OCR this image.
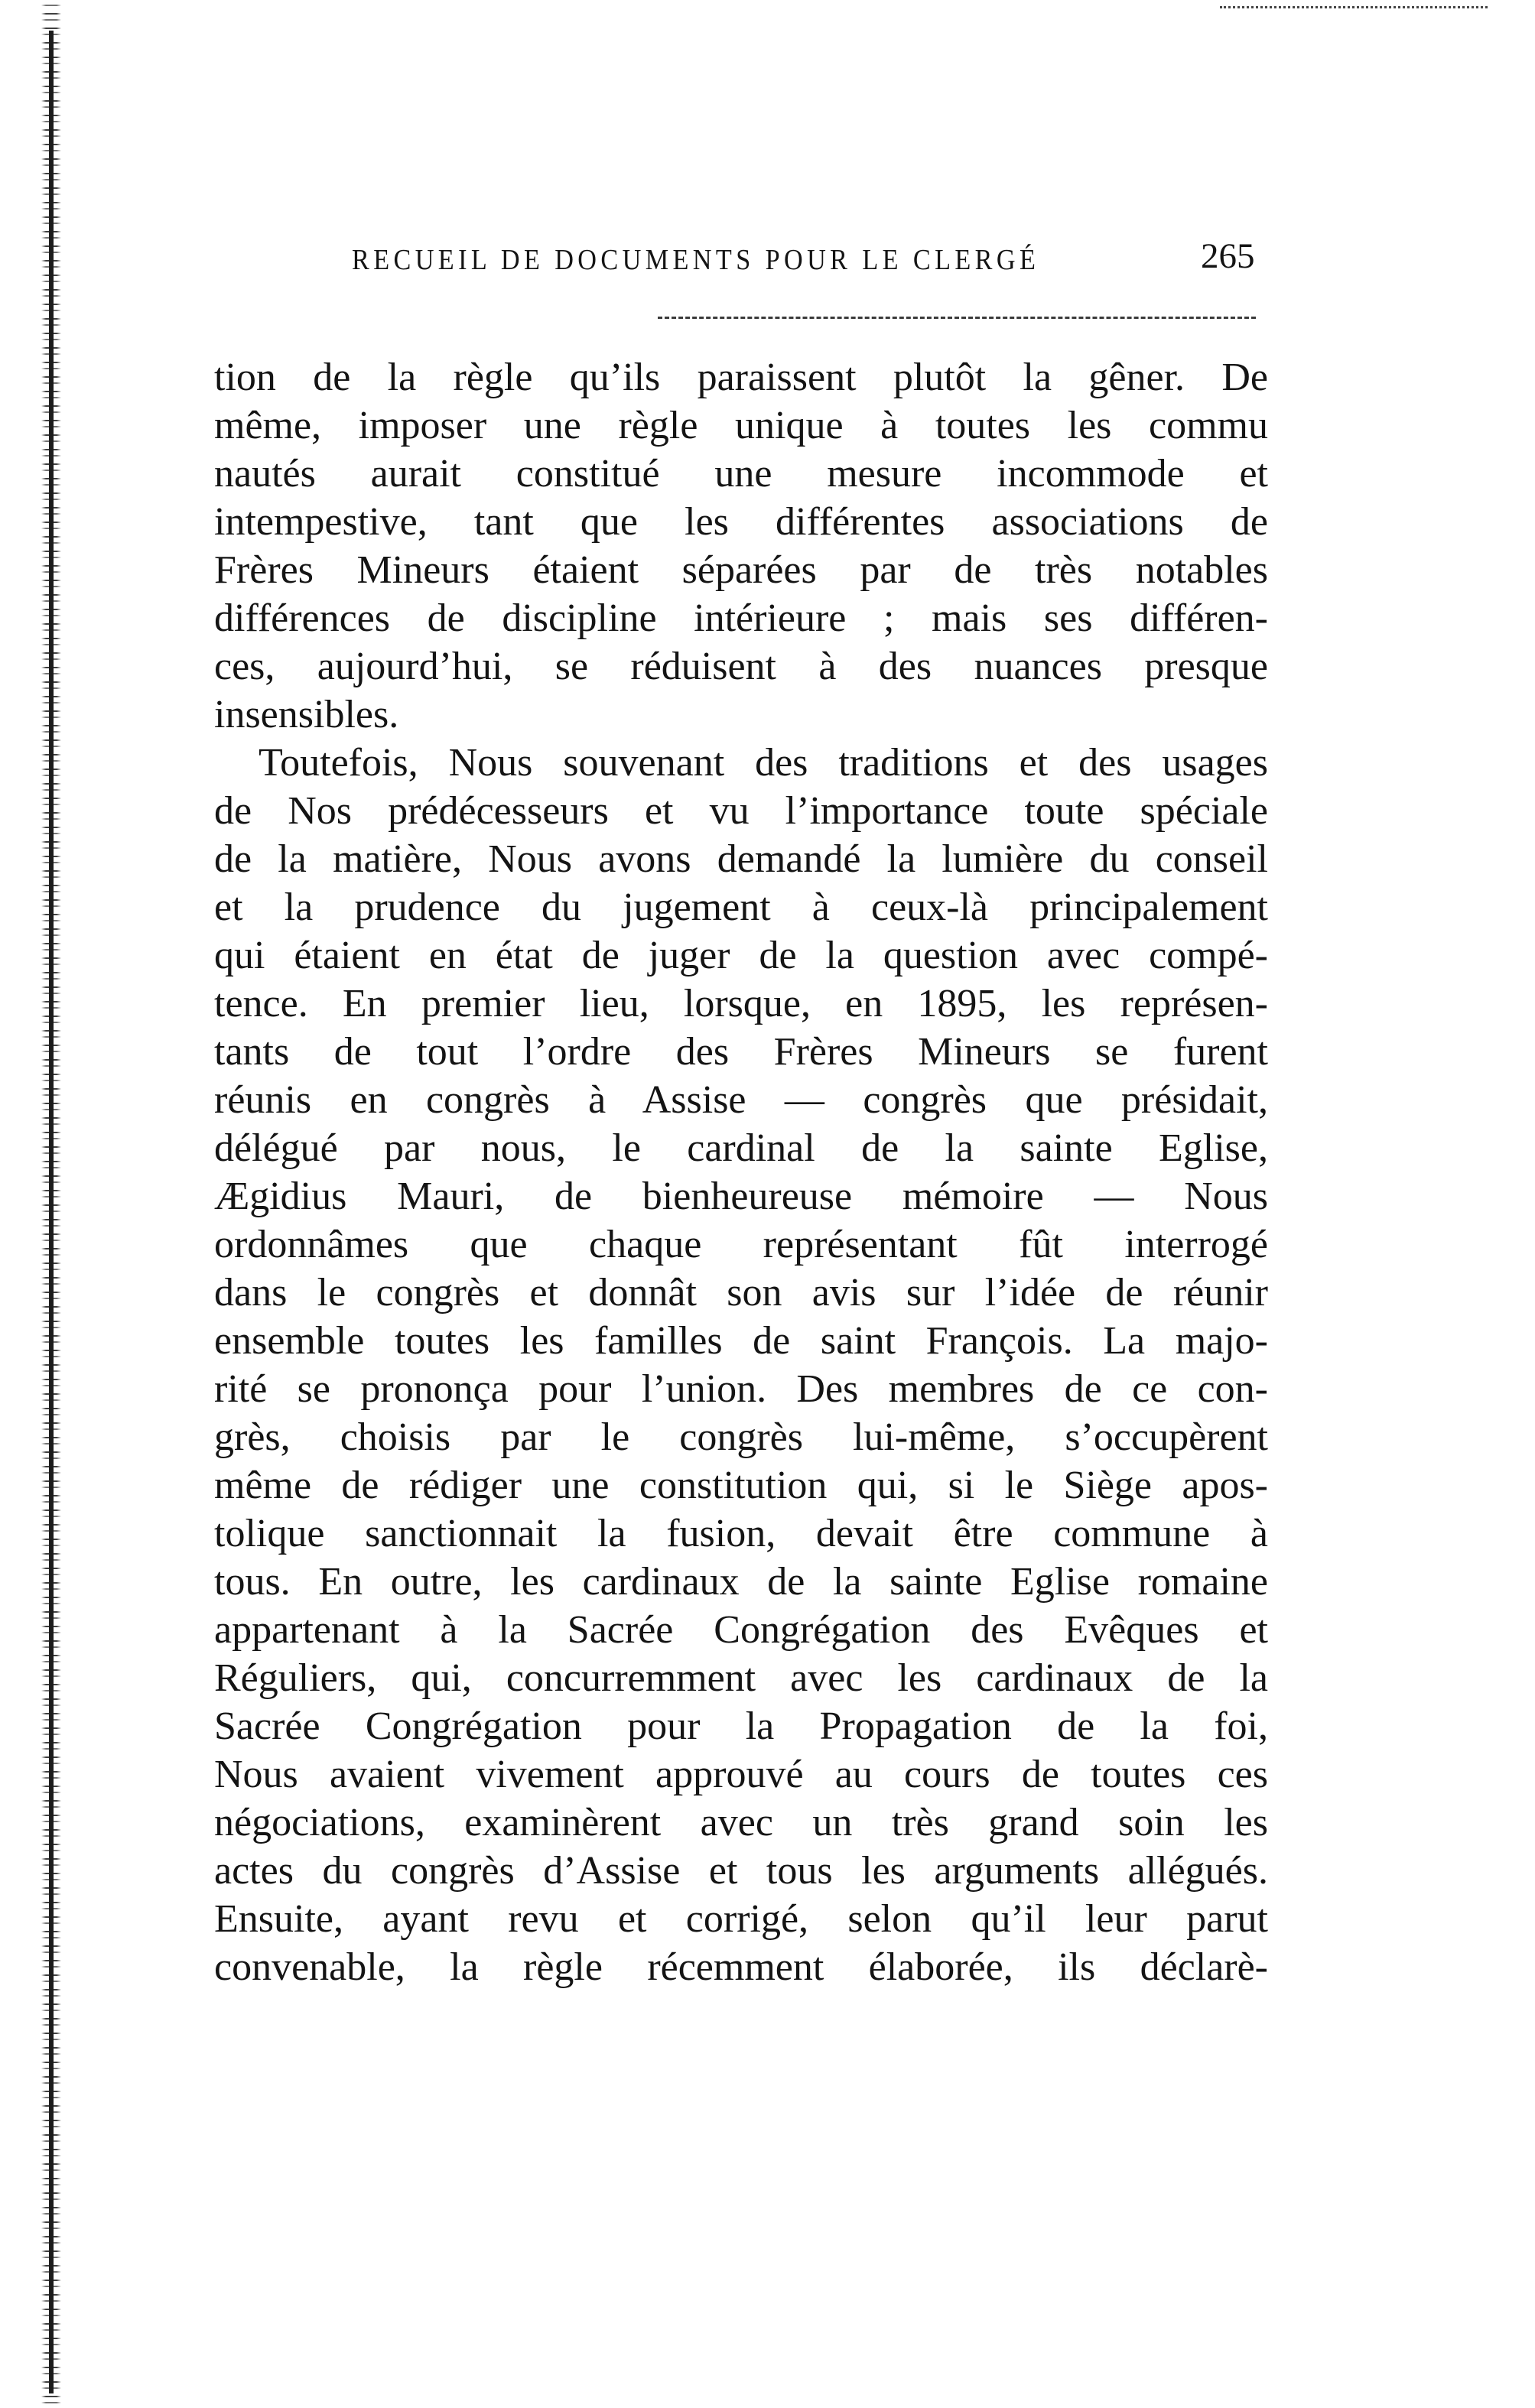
RECUEIL DE DOCUMENTS POUR LE CLERGÉ	265
tion de la règle qu’ils paraissent plutôt la gêner. De
même, imposer une règle unique à toutes les commu
nautés aurait constitué une mesure incommode et
intempestive, tant que les différentes associations de
Frères Mineurs étaient séparées par de très notables
différences de discipline intérieure ; mais ses différen-
ces, aujourd’hui, se réduisent à des nuances presque
insensibles.
Toutefois, Nous souvenant des traditions et des usages
de Nos prédécesseurs et vu l’importance toute spéciale
de la matière, Nous avons demandé la lumière du conseil
et la prudence du jugement à ceux-là principalement
qui étaient en état de juger de la question avec compé-
tence. En premier lieu, lorsque, en 1895, les représen-
tants de tout l’ordre des Frères Mineurs se furent
réunis en congrès à Assise — congrès que présidait,
délégué par nous, le cardinal de la sainte Eglise,
Ægidius Mauri, de bienheureuse mémoire — Nous
ordonnâmes que chaque représentant fût interrogé
dans le congrès et donnât son avis sur l’idée de réunir
ensemble toutes les familles de saint François. La majo-
rité se prononça pour l’union. Des membres de ce con-
grès, choisis par le congrès lui-même, s’occupèrent
même de rédiger une constitution qui, si le Siège apos-
tolique sanctionnait la fusion, devait être commune à
tous. En outre, les cardinaux de la sainte Eglise romaine
appartenant à la Sacrée Congrégation des Evêques et
Réguliers, qui, concurremment avec les cardinaux de la
Sacrée Congrégation pour la Propagation de la foi,
Nous avaient vivement approuvé au cours de toutes ces
négociations, examinèrent avec un très grand soin les
actes du congrès d’Assise et tous les arguments allégués.
Ensuite, ayant revu et corrigé, selon qu’il leur parut
convenable, la règle récemment élaborée, ils déclarè-
